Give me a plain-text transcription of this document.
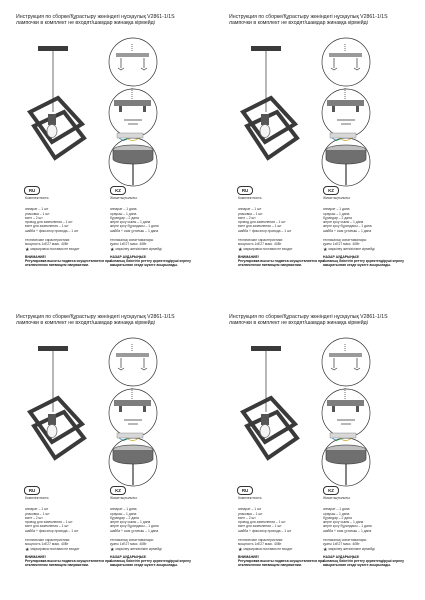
Инструкция по сборке/Құрастыру жөніндегі нұсқаулық V2861-1/1S
лампочки в комплект не входят/шамдар жинаққа кірмейді
RU	KZ
Комплектность:
аппарат – 1 шт
упаковка – 1 шт
винт – 2 шт
провод для заземления – 1 шт
винт для заземления – 1 шт
шайба + фиксатор провода – 1 шт
технические характеристики:
мощность 1xE27 макс. 40Вт
Жиынтықтылығы:
аппарат – 1 дана
орауыш – 1 дана
бұрандар – 2 дана
жерге қосу сымы – 1 дана
жерге қосу бұрандасы – 1 дана
шайба + сым ұстағыш – 1 дана
техникалық сипаттамалары:
қуаты 1xE27 макс. 40Вт
★маркировка поставки не входят	★маркілеу жеткізілімге кірмейді
ВНИМАНИЕ!
Регулировка высоты подвеса осуществляется при отключенном питающем напряжении.
НАЗАР АУДАРЫҢЫЗ!
Аспаның биіктігін реттеу қоректендіруші кернеу ажыратылған кезде жүзеге асырылады.
Инструкция по сборке/Құрастыру жөніндегі нұсқаулық V2861-1/1S
лампочки в комплект не входят/шамдар жинаққа кірмейді
RU	KZ
Комплектность:
аппарат – 1 шт
упаковка – 1 шт
винт – 2 шт
провод для заземления – 1 шт
винт для заземления – 1 шт
шайба + фиксатор провода – 1 шт
технические характеристики:
мощность 1xE27 макс. 40Вт
Жиынтықтылығы:
аппарат – 1 дана
орауыш – 1 дана
бұрандар – 2 дана
жерге қосу сымы – 1 дана
жерге қосу бұрандасы – 1 дана
шайба + сым ұстағыш – 1 дана
техникалық сипаттамалары:
қуаты 1xE27 макс. 40Вт
★маркировка поставки не входят	★маркілеу жеткізілімге кірмейді
ВНИМАНИЕ!
Регулировка высоты подвеса осуществляется при отключенном питающем напряжении.
НАЗАР АУДАРЫҢЫЗ!
Аспаның биіктігін реттеу қоректендіруші кернеу ажыратылған кезде жүзеге асырылады.
Инструкция по сборке/Құрастыру жөніндегі нұсқаулық V2861-1/1S
лампочки в комплект не входят/шамдар жинаққа кірмейді
RU	KZ
Комплектность:
аппарат – 1 шт
упаковка – 1 шт
винт – 2 шт
провод для заземления – 1 шт
винт для заземления – 1 шт
шайба + фиксатор провода – 1 шт
технические характеристики:
мощность 1xE27 макс. 40Вт
Жиынтықтылығы:
аппарат – 1 дана
орауыш – 1 дана
бұрандар – 2 дана
жерге қосу сымы – 1 дана
жерге қосу бұрандасы – 1 дана
шайба + сым ұстағыш – 1 дана
техникалық сипаттамалары:
қуаты 1xE27 макс. 40Вт
★маркировка поставки не входят	★маркілеу жеткізілімге кірмейді
ВНИМАНИЕ!
Регулировка высоты подвеса осуществляется при отключенном питающем напряжении.
НАЗАР АУДАРЫҢЫЗ!
Аспаның биіктігін реттеу қоректендіруші кернеу ажыратылған кезде жүзеге асырылады.
Инструкция по сборке/Құрастыру жөніндегі нұсқаулық V2861-1/1S
лампочки в комплект не входят/шамдар жинаққа кірмейді
RU	KZ
Комплектность:
аппарат – 1 шт
упаковка – 1 шт
винт – 2 шт
провод для заземления – 1 шт
винт для заземления – 1 шт
шайба + фиксатор провода – 1 шт
технические характеристики:
мощность 1xE27 макс. 40Вт
Жиынтықтылығы:
аппарат – 1 дана
орауыш – 1 дана
бұрандар – 2 дана
жерге қосу сымы – 1 дана
жерге қосу бұрандасы – 1 дана
шайба + сым ұстағыш – 1 дана
техникалық сипаттамалары:
қуаты 1xE27 макс. 40Вт
★маркировка поставки не входят	★маркілеу жеткізілімге кірмейді
ВНИМАНИЕ!
Регулировка высоты подвеса осуществляется при отключенном питающем напряжении.
НАЗАР АУДАРЫҢЫЗ!
Аспаның биіктігін реттеу қоректендіруші кернеу ажыратылған кезде жүзеге асырылады.
